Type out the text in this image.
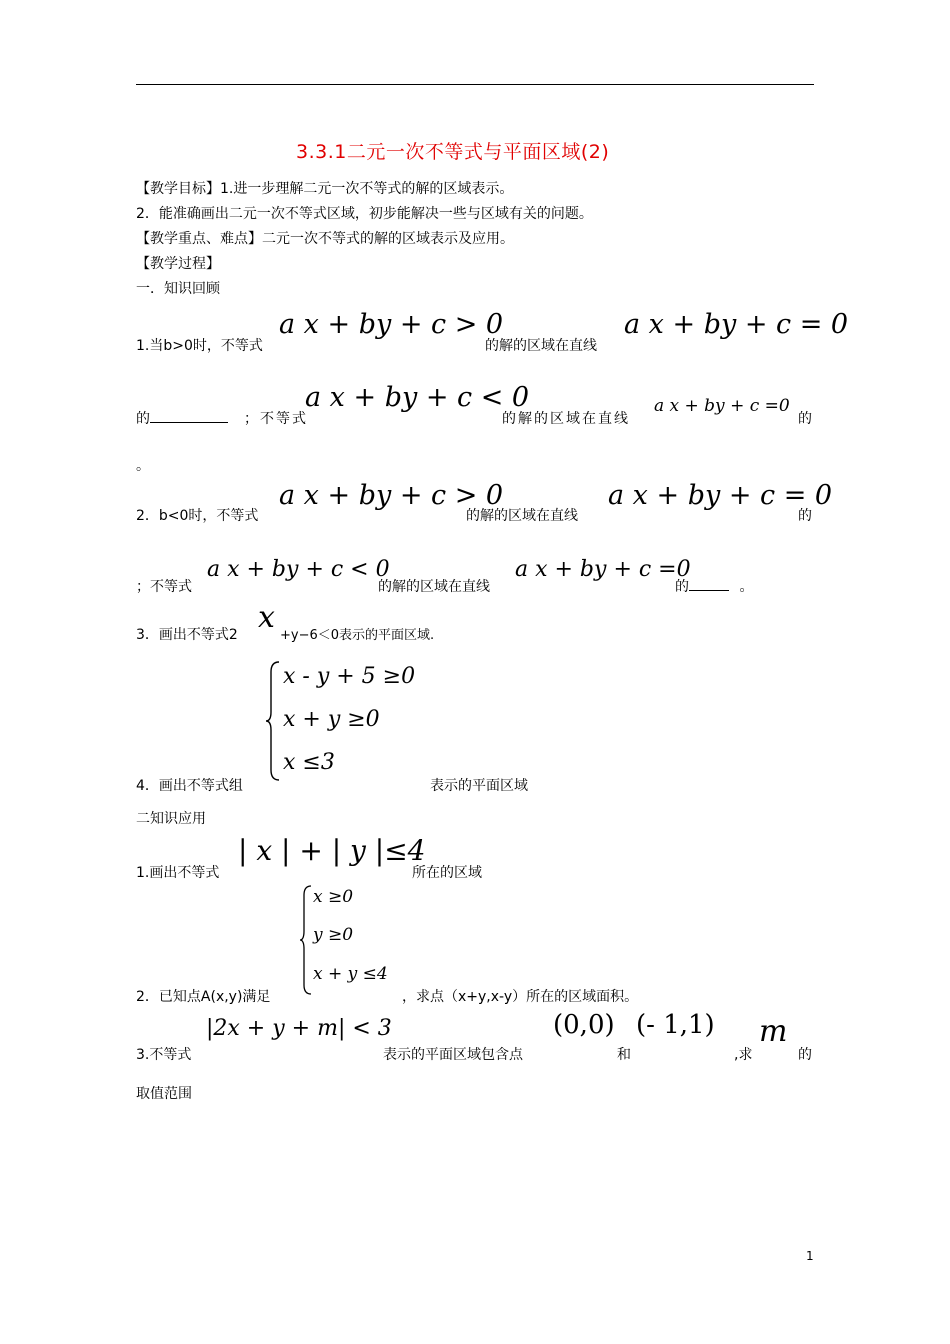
3.3.1二元一次不等式与平面区域(2)
【教学目标】1.进一步理解二元一次不等式的解的区域表示。
2．能准确画出二元一次不等式区域，初步能解决一些与区域有关的问题。
【教学重点、难点】二元一次不等式的解的区域表示及应用。
【教学过程】
一．知识回顾
1.当b>0时，不等式
a x + by + c > 0
的解的区域在直线
a x + by + c = 0
的	；不等式
a x + by + c < 0
的解的区域在直线
a x + by + c =0
的
。
2．b<0时，不等式
a x + by + c > 0
的解的区域在直线
a x + by + c = 0
的
；不等式
a x + by + c < 0
的解的区域在直线
a x + by + c =0
的	。
3．画出不等式2 x
+y−6＜0表示的平面区域.
x - y + 5 ≥0
x + y ≥0
x ≤3
4．画出不等式组	表示的平面区域
二知识应用
1.画出不等式
| x | + | y |≤4
所在的区域
x ≥0
y ≥0
x + y ≤4
2．已知点A(x,y)满足	，求点（x+y,x-y）所在的区域面积。
3.不等式
|2x + y + m| < 3
表示的平面区域包含点
(0,0)
和
(- 1,1)
,求
m
的
取值范围
1
